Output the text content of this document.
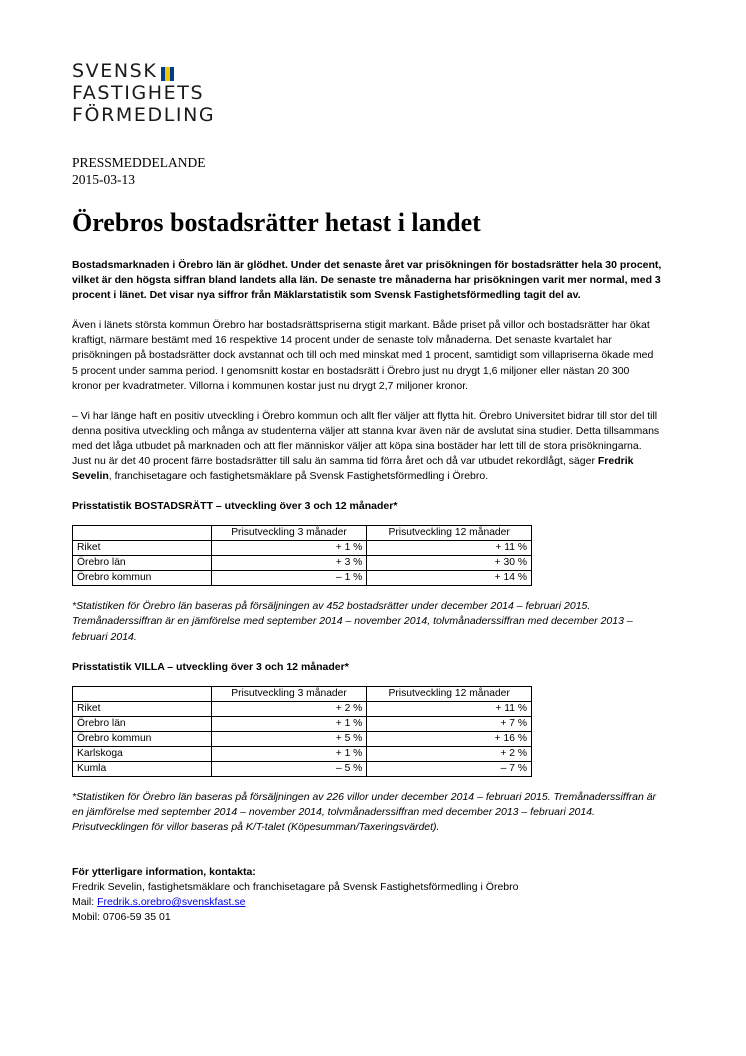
SVENSK
FASTIGHETS
FÖRMEDLING
PRESSMEDDELANDE
2015-03-13
Örebros bostadsrätter hetast i landet

Bostadsmarknaden i Örebro län är glödhet. Under det senaste året var prisökningen för bostadsrätter hela 30 procent, vilket är den högsta siffran bland landets alla län. De senaste tre månaderna har prisökningen varit mer normal, med 3 procent i länet. Det visar nya siffror från Mäklarstatistik som Svensk Fastighetsförmedling tagit del av.

Även i länets största kommun Örebro har bostadsrättspriserna stigit markant. Både priset på villor och bostadsrätter har ökat kraftigt, närmare bestämt med 16 respektive 14 procent under de senaste tolv månaderna. Det senaste kvartalet har prisökningen på bostadsrätter dock avstannat och till och med minskat med 1 procent, samtidigt som villapriserna ökade med 5 procent under samma period. I genomsnitt kostar en bostadsrätt i Örebro just nu drygt 1,6 miljoner eller nästan 20 300 kronor per kvadratmeter. Villorna i kommunen kostar just nu drygt 2,7 miljoner kronor.

– Vi har länge haft en positiv utveckling i Örebro kommun och allt fler väljer att flytta hit. Örebro Universitet bidrar till stor del till denna positiva utveckling och många av studenterna väljer att stanna kvar även när de avslutat sina studier. Detta tillsammans med det låga utbudet på marknaden och att fler människor väljer att köpa sina bostäder har lett till de stora prisökningarna. Just nu är det 40 procent färre bostadsrätter till salu än samma tid förra året och då var utbudet rekordlågt, säger Fredrik Sevelin, franchisetagare och fastighetsmäklare på Svensk Fastighetsförmedling i Örebro.

Prisstatistik BOSTADSRÄTT – utveckling över 3 och 12 månader*
	Prisutveckling 3 månader	Prisutveckling 12 månader
Riket	+ 1 %	+ 11 %
Örebro län	+ 3 %	+ 30 %
Örebro kommun	– 1 %	+ 14 %

*Statistiken för Örebro län baseras på försäljningen av 452 bostadsrätter under december 2014 – februari 2015. Tremånaderssiffran är en jämförelse med september 2014 – november 2014, tolvmånaderssiffran med december 2013 – februari 2014.

Prisstatistik VILLA – utveckling över 3 och 12 månader*
	Prisutveckling 3 månader	Prisutveckling 12 månader
Riket	+ 2 %	+ 11 %
Örebro län	+ 1 %	+ 7 %
Örebro kommun	+ 5 %	+ 16 %
Karlskoga	+ 1 %	+ 2 %
Kumla	– 5 %	– 7 %

*Statistiken för Örebro län baseras på försäljningen av 226 villor under december 2014 – februari 2015. Tremånaderssiffran är en jämförelse med september 2014 – november 2014, tolvmånaderssiffran med december 2013 – februari 2014. Prisutvecklingen för villor baseras på K/T-talet (Köpesumman/Taxeringsvärdet).

För ytterligare information, kontakta:
Fredrik Sevelin, fastighetsmäklare och franchisetagare på Svensk Fastighetsförmedling i Örebro
Mail: Fredrik.s.orebro@svenskfast.se
Mobil: 0706-59 35 01
